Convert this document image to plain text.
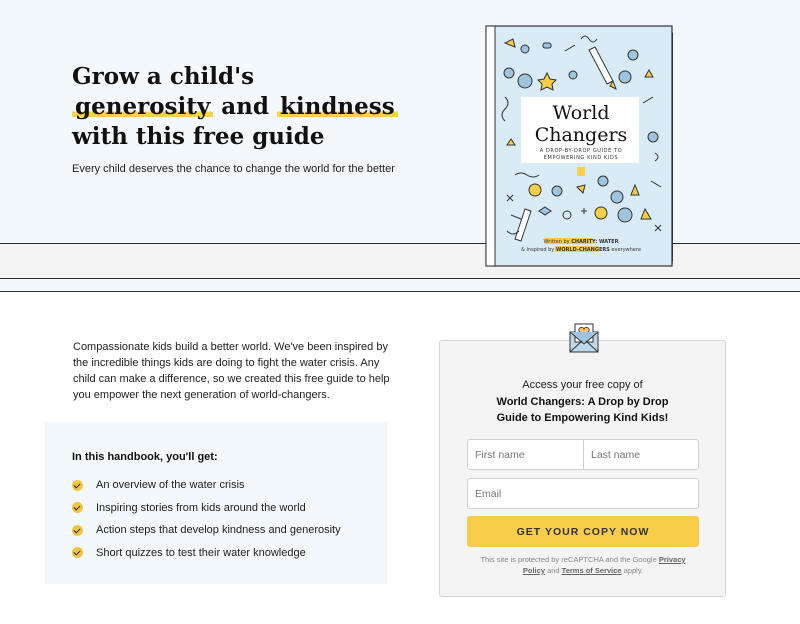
Grow a child's
generosity and kindness
with this free guide

Every child deserves the chance to change the world for the better

World
Changers
A DROP-BY-DROP GUIDE TO
EMPOWERING KIND KIDS
Written by CHARITY: WATER
& inspired by WORLD-CHANGERS everywhere

Compassionate kids build a better world. We've been inspired by the incredible things kids are doing to fight the water crisis. Any child can make a difference, so we created this free guide to help you empower the next generation of world-changers.

In this handbook, you'll get:
An overview of the water crisis
Inspiring stories from kids around the world
Action steps that develop kindness and generosity
Short quizzes to test their water knowledge
Access your free copy of
World Changers: A Drop by Drop
Guide to Empowering Kind Kids!
First name
Last name
Email
GET YOUR COPY NOW
This site is protected by reCAPTCHA and the Google Privacy Policy and Terms of Service apply.
